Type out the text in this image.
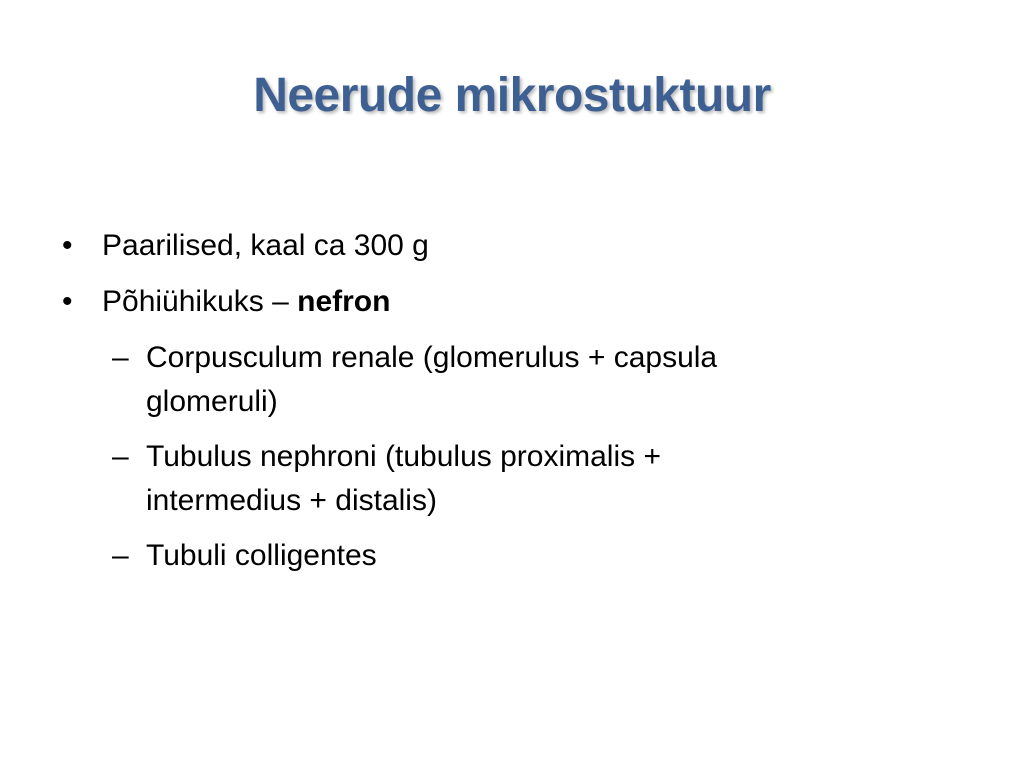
Neerude mikrostuktuur
• Paarilised, kaal ca 300 g
• Põhiühikuks – nefron
– Corpusculum renale (glomerulus + capsula
glomeruli)
– Tubulus nephroni (tubulus proximalis +
intermedius + distalis)
– Tubuli colligentes
